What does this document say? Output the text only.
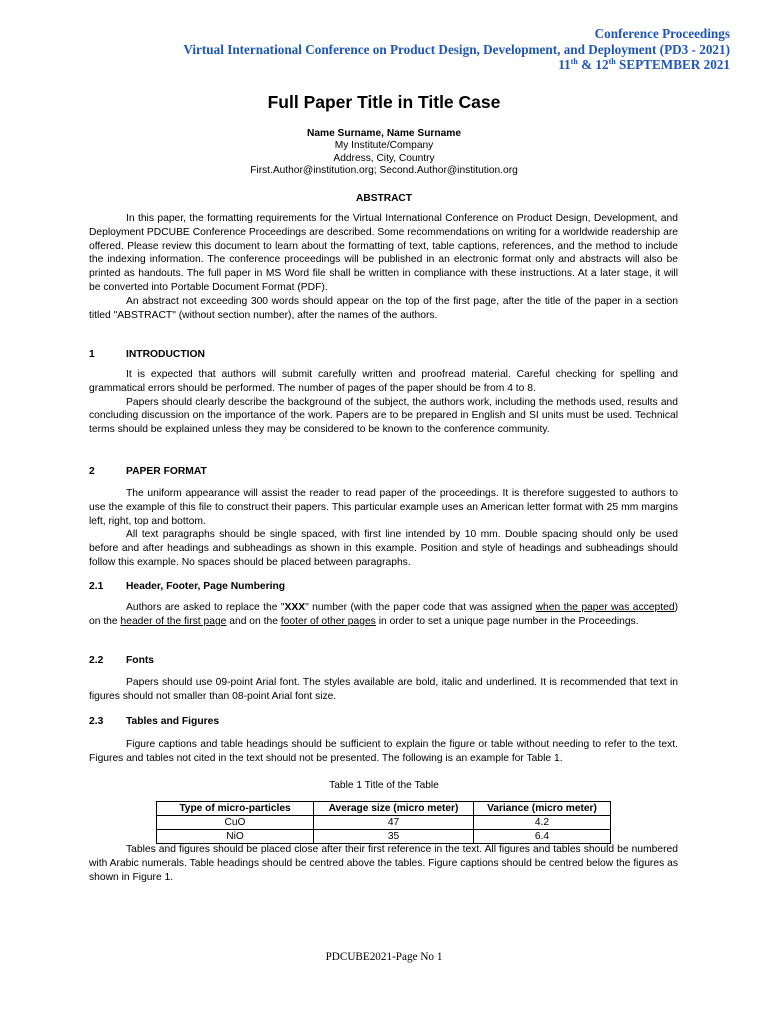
Conference Proceedings
Virtual International Conference on Product Design, Development, and Deployment (PD3 - 2021)
11th & 12th SEPTEMBER 2021
Full Paper Title in Title Case
Name Surname, Name Surname
My Institute/Company
Address, City, Country
First.Author@institution.org; Second.Author@institution.org
ABSTRACT

In this paper, the formatting requirements for the Virtual International Conference on Product Design, Development, and Deployment PDCUBE Conference Proceedings are described. Some recommendations on writing for a worldwide readership are offered. Please review this document to learn about the formatting of text, table captions, references, and the method to include the indexing information. The conference proceedings will be published in an electronic format only and abstracts will also be printed as handouts. The full paper in MS Word file shall be written in compliance with these instructions. At a later stage, it will be converted into Portable Document Format (PDF).

An abstract not exceeding 300 words should appear on the top of the first page, after the title of the paper in a section titled "ABSTRACT" (without section number), after the names of the authors.

1	INTRODUCTION

It is expected that authors will submit carefully written and proofread material. Careful checking for spelling and grammatical errors should be performed. The number of pages of the paper should be from 4 to 8.

Papers should clearly describe the background of the subject, the authors work, including the methods used, results and concluding discussion on the importance of the work. Papers are to be prepared in English and SI units must be used. Technical terms should be explained unless they may be considered to be known to the conference community.

2	PAPER FORMAT

The uniform appearance will assist the reader to read paper of the proceedings. It is therefore suggested to authors to use the example of this file to construct their papers. This particular example uses an American letter format with 25 mm margins left, right, top and bottom.

All text paragraphs should be single spaced, with first line intended by 10 mm. Double spacing should only be used before and after headings and subheadings as shown in this example. Position and style of headings and subheadings should follow this example. No spaces should be placed between paragraphs.

2.1 Header, Footer, Page Numbering

Authors are asked to replace the "XXX" number (with the paper code that was assigned when the paper was accepted) on the header of the first page and on the footer of other pages in order to set a unique page number in the Proceedings.

2.2 Fonts

Papers should use 09-point Arial font. The styles available are bold, italic and underlined. It is recommended that text in figures should not smaller than 08-point Arial font size.

2.3 Tables and Figures

Figure captions and table headings should be sufficient to explain the figure or table without needing to refer to the text. Figures and tables not cited in the text should not be presented. The following is an example for Table 1.

Table 1 Title of the Table
Type of micro-particles	Average size (micro meter)	Variance (micro meter)
CuO	47	4.2
NiO	35	6.4

Tables and figures should be placed close after their first reference in the text. All figures and tables should be numbered with Arabic numerals. Table headings should be centred above the tables. Figure captions should be centred below the figures as shown in Figure 1.

PDCUBE2021-Page No 1
